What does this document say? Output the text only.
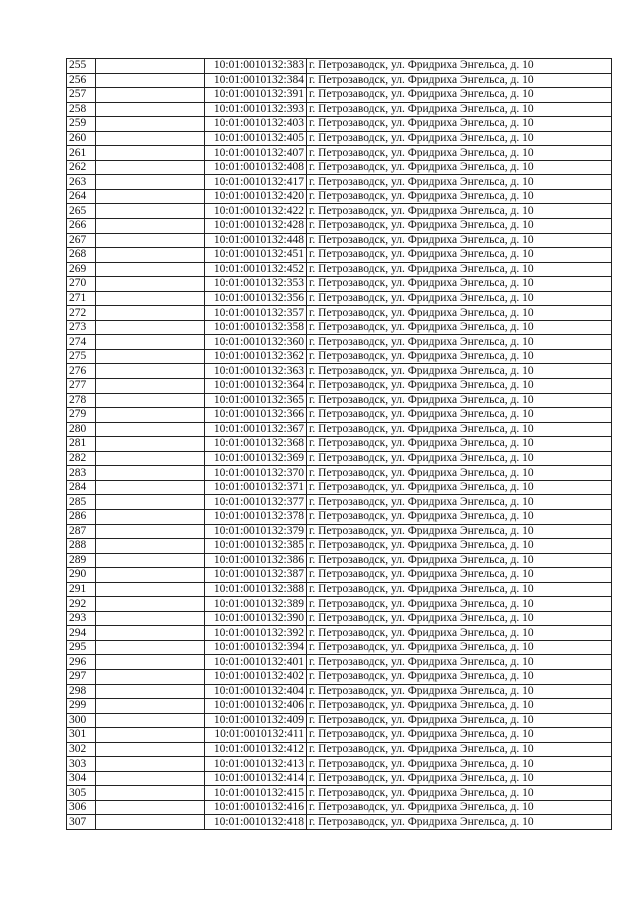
255		10:01:0010132:383	г. Петрозаводск, ул. Фридриха Энгельса, д. 10
256		10:01:0010132:384	г. Петрозаводск, ул. Фридриха Энгельса, д. 10
257		10:01:0010132:391	г. Петрозаводск, ул. Фридриха Энгельса, д. 10
258		10:01:0010132:393	г. Петрозаводск, ул. Фридриха Энгельса, д. 10
259		10:01:0010132:403	г. Петрозаводск, ул. Фридриха Энгельса, д. 10
260		10:01:0010132:405	г. Петрозаводск, ул. Фридриха Энгельса, д. 10
261		10:01:0010132:407	г. Петрозаводск, ул. Фридриха Энгельса, д. 10
262		10:01:0010132:408	г. Петрозаводск, ул. Фридриха Энгельса, д. 10
263		10:01:0010132:417	г. Петрозаводск, ул. Фридриха Энгельса, д. 10
264		10:01:0010132:420	г. Петрозаводск, ул. Фридриха Энгельса, д. 10
265		10:01:0010132:422	г. Петрозаводск, ул. Фридриха Энгельса, д. 10
266		10:01:0010132:428	г. Петрозаводск, ул. Фридриха Энгельса, д. 10
267		10:01:0010132:448	г. Петрозаводск, ул. Фридриха Энгельса, д. 10
268		10:01:0010132:451	г. Петрозаводск, ул. Фридриха Энгельса, д. 10
269		10:01:0010132:452	г. Петрозаводск, ул. Фридриха Энгельса, д. 10
270		10:01:0010132:353	г. Петрозаводск, ул. Фридриха Энгельса, д. 10
271		10:01:0010132:356	г. Петрозаводск, ул. Фридриха Энгельса, д. 10
272		10:01:0010132:357	г. Петрозаводск, ул. Фридриха Энгельса, д. 10
273		10:01:0010132:358	г. Петрозаводск, ул. Фридриха Энгельса, д. 10
274		10:01:0010132:360	г. Петрозаводск, ул. Фридриха Энгельса, д. 10
275		10:01:0010132:362	г. Петрозаводск, ул. Фридриха Энгельса, д. 10
276		10:01:0010132:363	г. Петрозаводск, ул. Фридриха Энгельса, д. 10
277		10:01:0010132:364	г. Петрозаводск, ул. Фридриха Энгельса, д. 10
278		10:01:0010132:365	г. Петрозаводск, ул. Фридриха Энгельса, д. 10
279		10:01:0010132:366	г. Петрозаводск, ул. Фридриха Энгельса, д. 10
280		10:01:0010132:367	г. Петрозаводск, ул. Фридриха Энгельса, д. 10
281		10:01:0010132:368	г. Петрозаводск, ул. Фридриха Энгельса, д. 10
282		10:01:0010132:369	г. Петрозаводск, ул. Фридриха Энгельса, д. 10
283		10:01:0010132:370	г. Петрозаводск, ул. Фридриха Энгельса, д. 10
284		10:01:0010132:371	г. Петрозаводск, ул. Фридриха Энгельса, д. 10
285		10:01:0010132:377	г. Петрозаводск, ул. Фридриха Энгельса, д. 10
286		10:01:0010132:378	г. Петрозаводск, ул. Фридриха Энгельса, д. 10
287		10:01:0010132:379	г. Петрозаводск, ул. Фридриха Энгельса, д. 10
288		10:01:0010132:385	г. Петрозаводск, ул. Фридриха Энгельса, д. 10
289		10:01:0010132:386	г. Петрозаводск, ул. Фридриха Энгельса, д. 10
290		10:01:0010132:387	г. Петрозаводск, ул. Фридриха Энгельса, д. 10
291		10:01:0010132:388	г. Петрозаводск, ул. Фридриха Энгельса, д. 10
292		10:01:0010132:389	г. Петрозаводск, ул. Фридриха Энгельса, д. 10
293		10:01:0010132:390	г. Петрозаводск, ул. Фридриха Энгельса, д. 10
294		10:01:0010132:392	г. Петрозаводск, ул. Фридриха Энгельса, д. 10
295		10:01:0010132:394	г. Петрозаводск, ул. Фридриха Энгельса, д. 10
296		10:01:0010132:401	г. Петрозаводск, ул. Фридриха Энгельса, д. 10
297		10:01:0010132:402	г. Петрозаводск, ул. Фридриха Энгельса, д. 10
298		10:01:0010132:404	г. Петрозаводск, ул. Фридриха Энгельса, д. 10
299		10:01:0010132:406	г. Петрозаводск, ул. Фридриха Энгельса, д. 10
300		10:01:0010132:409	г. Петрозаводск, ул. Фридриха Энгельса, д. 10
301		10:01:0010132:411	г. Петрозаводск, ул. Фридриха Энгельса, д. 10
302		10:01:0010132:412	г. Петрозаводск, ул. Фридриха Энгельса, д. 10
303		10:01:0010132:413	г. Петрозаводск, ул. Фридриха Энгельса, д. 10
304		10:01:0010132:414	г. Петрозаводск, ул. Фридриха Энгельса, д. 10
305		10:01:0010132:415	г. Петрозаводск, ул. Фридриха Энгельса, д. 10
306		10:01:0010132:416	г. Петрозаводск, ул. Фридриха Энгельса, д. 10
307		10:01:0010132:418	г. Петрозаводск, ул. Фридриха Энгельса, д. 10
